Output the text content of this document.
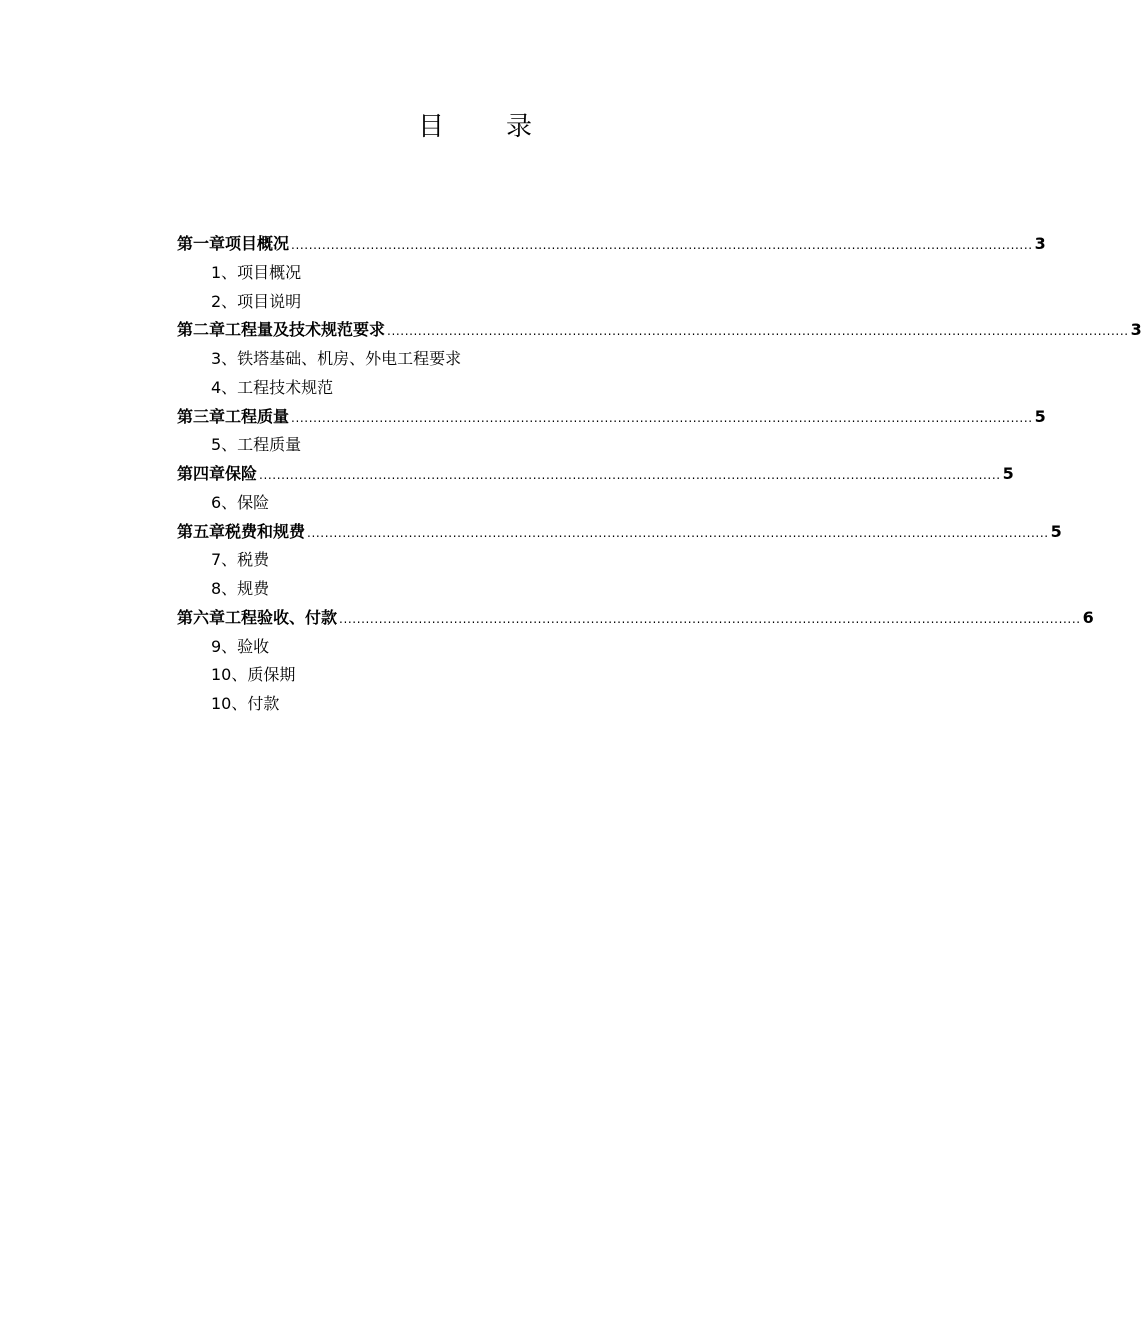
目 录
第一章 项目概况 ........................................................................................................................................................................ 3
1、项目概况
2、项目说明
第二章 工程量及技术规范要求 ........................................................................................................................................................................ 3
3、铁塔基础、机房、外电工程要求
4、工程技术规范
第三章 工程质量 ........................................................................................................................................................................ 5
5、工程质量
第四章 保险 ........................................................................................................................................................................ 5
6、保险
第五章 税费和规费 ........................................................................................................................................................................ 5
7、税费
8、规费
第六章 工程验收、付款 ........................................................................................................................................................................ 6
9、验收
10、质保期
10、付款
